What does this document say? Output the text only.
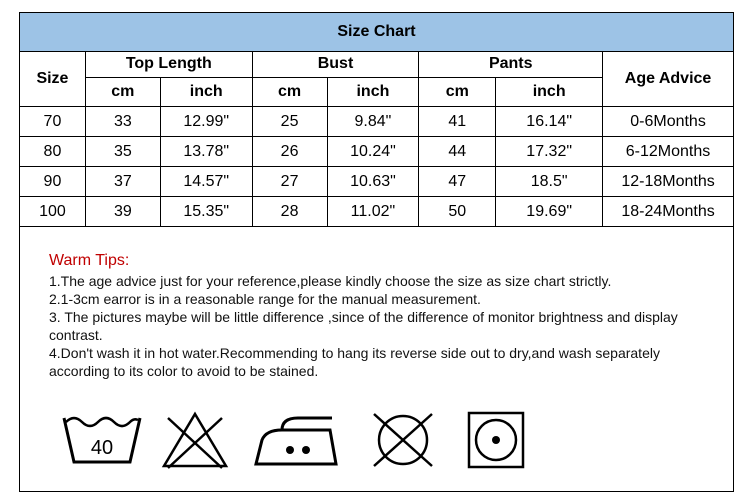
Size Chart							
Size	Top Length		Bust		Pants		Age Advice
	cm	inch	cm	inch	cm	inch	
70	33	12.99"	25	9.84"	41	16.14"	0-6Months
80	35	13.78"	26	10.24"	44	17.32"	6-12Months
90	37	14.57"	27	10.63"	47	18.5"	12-18Months
100	39	15.35"	28	11.02"	50	19.69"	18-24Months
Warm Tips:
1.The age advice just for your reference,please kindly choose the size as size chart strictly.
2.1-3cm earror is in a reasonable range for the manual measurement.
3. The pictures maybe will be little difference ,since of the difference of monitor brightness and display contrast.
4.Don't wash it in hot water.Recommending to hang its reverse side out to dry,and wash separately according to its color to avoid to be stained.
40
